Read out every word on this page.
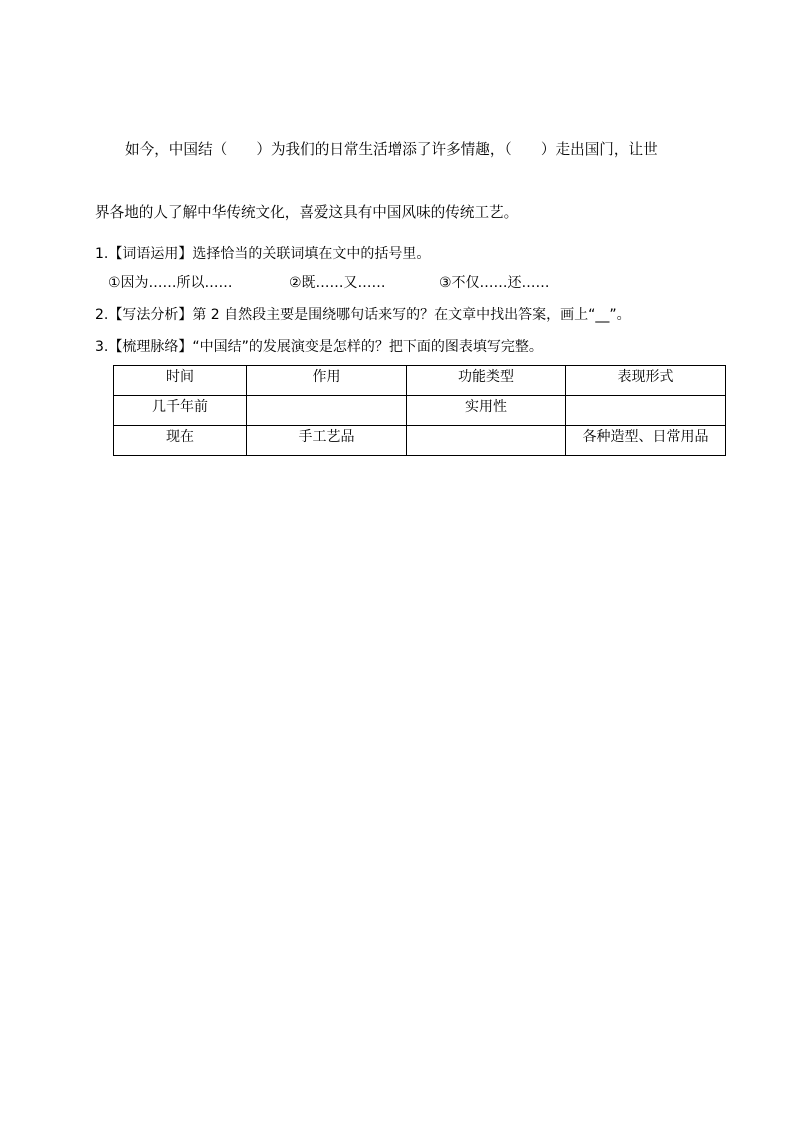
如今，中国结（　　）为我们的日常生活增添了许多情趣，（　　）走出国门，让世
界各地的人了解中华传统文化，喜爱这具有中国风味的传统工艺。
1.【词语运用】选择恰当的关联词填在文中的括号里。
①因为……所以……	②既……又……	③不仅……还……
2.【写法分析】第 2 自然段主要是围绕哪句话来写的？在文章中找出答案，画上“__”。
3.【梳理脉络】“中国结”的发展演变是怎样的？把下面的图表填写完整。
时间	作用	功能类型	表现形式
几千年前		实用性	
现在	手工艺品		各种造型、日常用品
